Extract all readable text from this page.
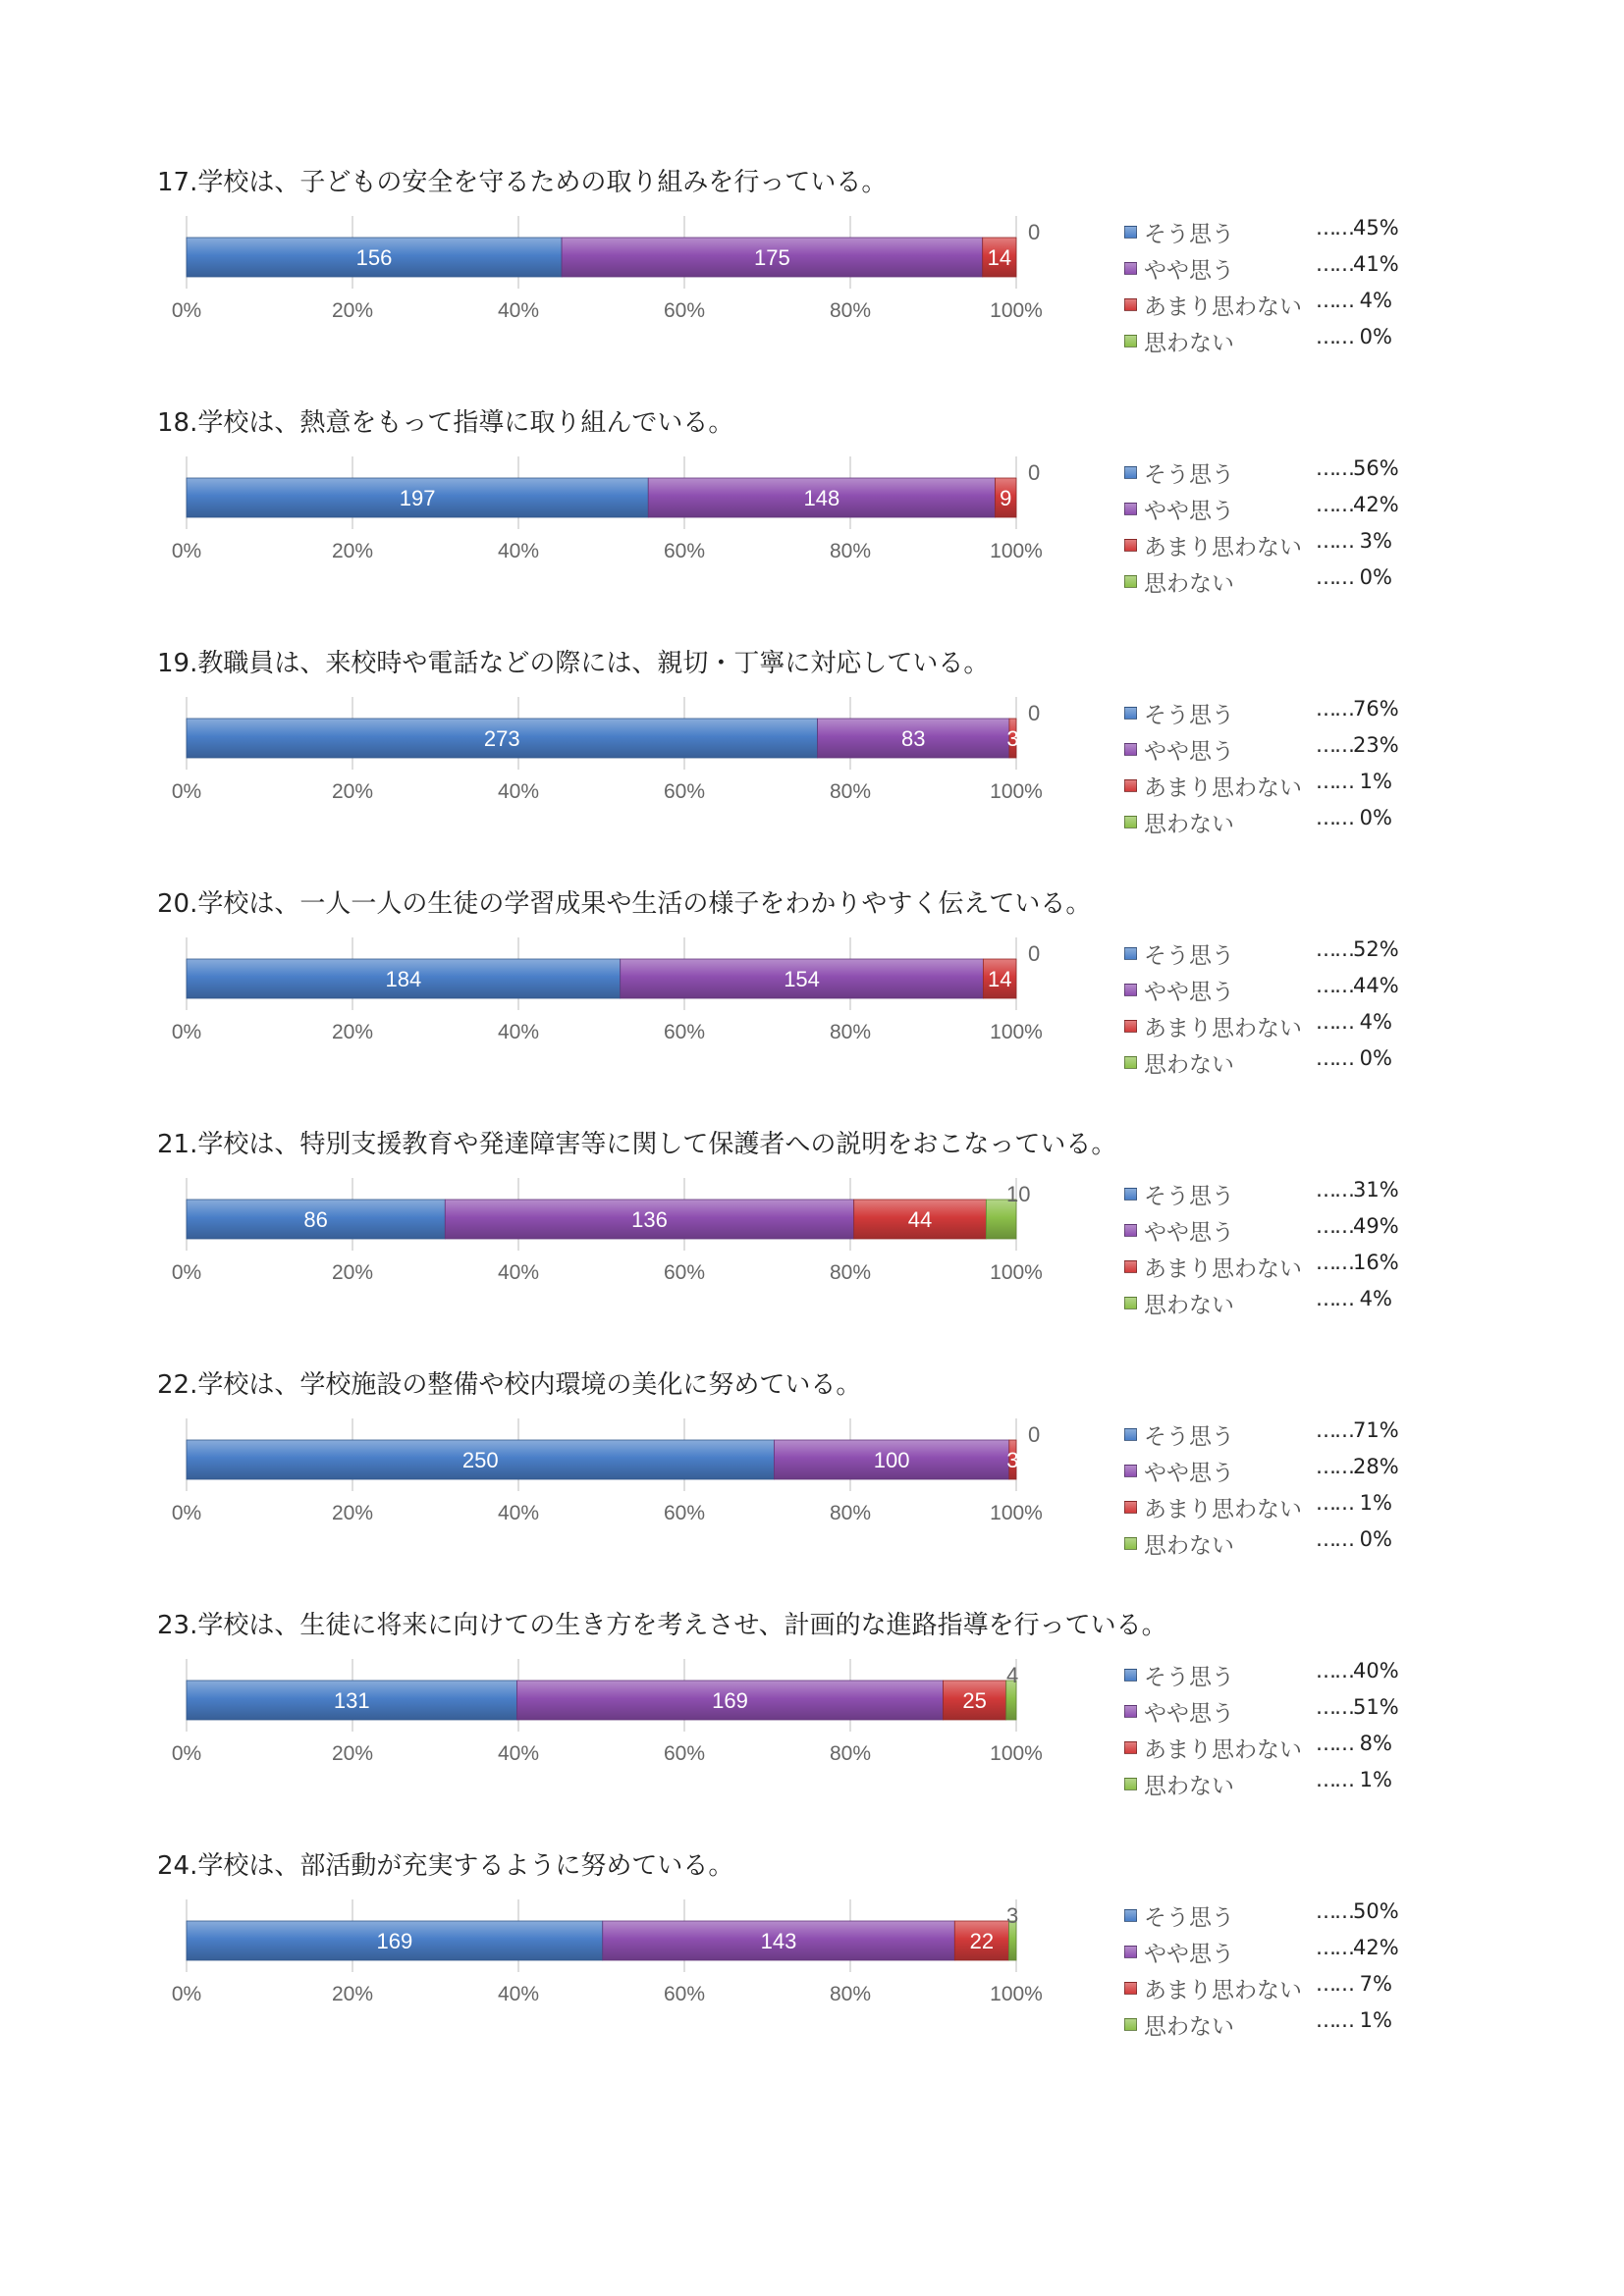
17.学校は、子どもの安全を守るための取り組みを行っている。
156	175	14
0
0%	20%	40%	60%	80%	100%
そう思う	……45%
やや思う	……41%
あまり思わない …… 4%
思わない	…… 0%
18.学校は、熱意をもって指導に取り組んでいる。
197	148	9
0
0%	20%	40%	60%	80%	100%
そう思う	……56%
やや思う	……42%
あまり思わない …… 3%
思わない	…… 0%
19.教職員は、来校時や電話などの際には、親切・丁寧に対応している。
273	83	3
0
0%	20%	40%	60%	80%	100%
そう思う	……76%
やや思う	……23%
あまり思わない …… 1%
思わない	…… 0%
20.学校は、一人一人の生徒の学習成果や生活の様子をわかりやすく伝えている。
184	154	14
0
0%	20%	40%	60%	80%	100%
そう思う	……52%
やや思う	……44%
あまり思わない …… 4%
思わない	…… 0%
21.学校は、特別支援教育や発達障害等に関して保護者への説明をおこなっている。
86	136	44
10
0%	20%	40%	60%	80%	100%
そう思う	……31%
やや思う	……49%
あまり思わない ……16%
思わない	…… 4%
22.学校は、学校施設の整備や校内環境の美化に努めている。
250	100	3
0
0%	20%	40%	60%	80%	100%
そう思う	……71%
やや思う	……28%
あまり思わない …… 1%
思わない	…… 0%
23.学校は、生徒に将来に向けての生き方を考えさせ、計画的な進路指導を行っている。
131	169	25
4
0%	20%	40%	60%	80%	100%
そう思う	……40%
やや思う	……51%
あまり思わない …… 8%
思わない	…… 1%
24.学校は、部活動が充実するように努めている。
169	143	22
3
0%	20%	40%	60%	80%	100%
そう思う	……50%
やや思う	……42%
あまり思わない …… 7%
思わない	…… 1%
